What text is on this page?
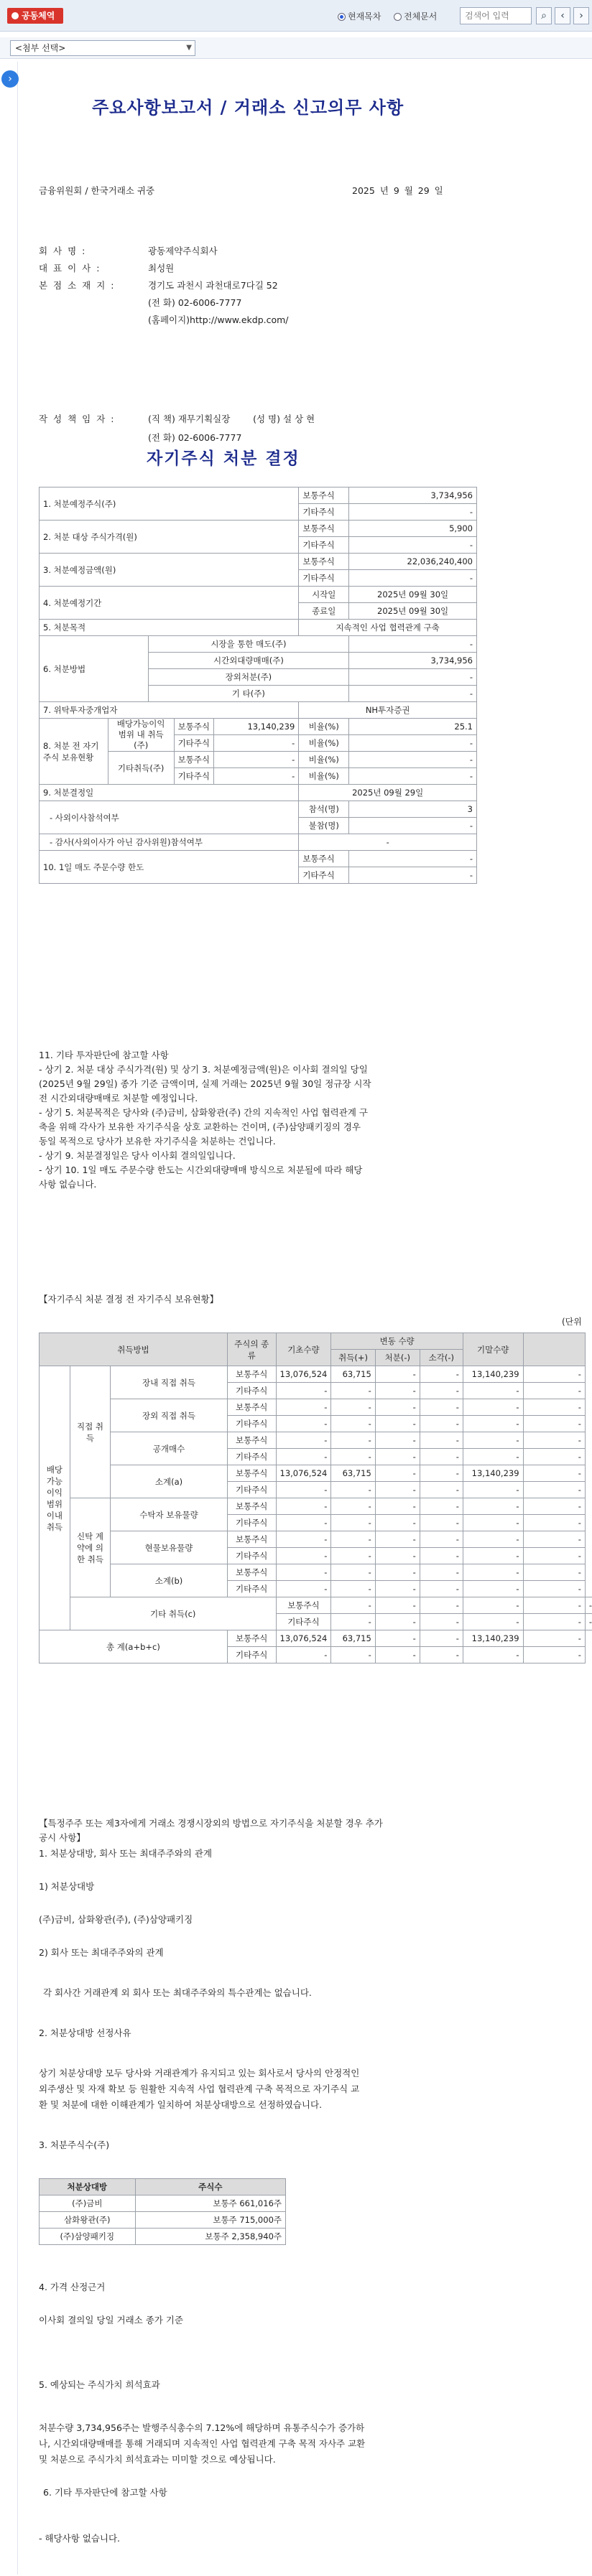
공동체역	현재목차	전체문서
검색어 입력	⌕	‹	›
<첨부 선택>	▼
›
주요사항보고서 / 거래소 신고의무 사항
금융위원회 / 한국거래소 귀중	2025 년 9 월 29 일
회 사 명 :	광동제약주식회사
대 표 이 사 :	최성원
본 점 소 재 지 :	경기도 과천시 과천대로7다길 52
(전 화) 02-6006-7777
(홈페이지)http://www.ekdp.com/
작 성 책 임 자 :	(직 책) 재무기획실장        (성 명) 설 상 현
(전 화) 02-6006-7777
자기주식 처분 결정
1. 처분예정주식(주)					보통주식	3,734,956
					기타주식	-
2. 처분 대상 주식가격(원)					보통주식	5,900
					기타주식	-
3. 처분예정금액(원)					보통주식	22,036,240,400
					기타주식	-
4. 처분예정기간					시작일	2025년 09월 30일
					종료일	2025년 09월 30일
5. 처분목적					지속적인 사업 협력관계 구축	
6. 처분방법		시장을 통한 매도(주)				-
		시간외대량매매(주)				3,734,956
		장외처분(주)				-
		기 타(주)				-
7. 위탁투자중개업자					NH투자증권	
8. 처분 전 자기주식 보유현황	배당가능이익 범위 내 취득(주)		보통주식	13,140,239	비율(%)	25.1
			기타주식	-	비율(%)	-
	기타취득(주)		보통주식	-	비율(%)	-
			기타주식	-	비율(%)	-
9. 처분결정일					2025년 09월 29일	
- 사외이사참석여부					참석(명)	3
					불참(명)	-
- 감사(사외이사가 아닌 감사위원)참석여부					-	
10. 1일 매도 주문수량 한도					보통주식	-
					기타주식	-
11. 기타 투자판단에 참고할 사항
- 상기 2. 처분 대상 주식가격(원) 및 상기 3. 처분예정금액(원)은 이사회 결의일 당일
(2025년 9월 29일) 종가 기준 금액이며, 실제 거래는 2025년 9월 30일 정규장 시작
전 시간외대량매매로 처분할 예정입니다.
- 상기 5. 처분목적은 당사와 (주)금비, 삼화왕관(주) 간의 지속적인 사업 협력관계 구
축을 위해 각사가 보유한 자기주식을 상호 교환하는 건이며, (주)삼양패키징의 경우
동일 목적으로 당사가 보유한 자기주식을 처분하는 건입니다.
- 상기 9. 처분결정일은 당사 이사회 결의일입니다.
- 상기 10. 1일 매도 주문수량 한도는 시간외대량매매 방식으로 처분될에 따라 해당
사항 없습니다.
【자기주식 처분 결정 전 자기주식 보유현황】
(단위
취득방법			주식의 종류	기초수량	변동 수량			기말수량		
					취득(+)	처분(-)	소각(-)			
배당 가능 이익 범위 이내 취득	직접 취득	장내 직접 취득	보통주식	13,076,524	63,715	-	-	13,140,239	-	
			기타주식	-	-	-	-	-	-	
		장외 직접 취득	보통주식	-	-	-	-	-	-	
			기타주식	-	-	-	-	-	-	
		공개매수	보통주식	-	-	-	-	-	-	
			기타주식	-	-	-	-	-	-	
		소계(a)	보통주식	13,076,524	63,715	-	-	13,140,239	-	
			기타주식	-	-	-	-	-	-	
	신탁 계약에 의한 취득	수탁자 보유물량	보통주식	-	-	-	-	-	-	
			기타주식	-	-	-	-	-	-	
		현물보유물량	보통주식	-	-	-	-	-	-	
			기타주식	-	-	-	-	-	-	
		소계(b)	보통주식	-	-	-	-	-	-	
			기타주식	-	-	-	-	-	-	
	기타 취득(c)			보통주식	-	-	-	-	-	-
				기타주식	-	-	-	-	-	-
총 계(a+b+c)			보통주식	13,076,524	63,715	-	-	13,140,239	-	
			기타주식	-	-	-	-	-	-	
【특정주주 또는 제3자에게 거래소 경쟁시장외의 방법으로 자기주식을 처분할 경우 추가
공시 사항】
1. 처분상대방, 회사 또는 최대주주와의 관계
1) 처분상대방
(주)금비, 삼화왕관(주), (주)삼양패키징
2) 회사 또는 최대주주와의 관계
각 회사간 거래관계 외 회사 또는 최대주주와의 특수관계는 없습니다.
2. 처분상대방 선정사유
상기 처분상대방 모두 당사와 거래관계가 유지되고 있는 회사로서 당사의 안정적인
외주생산 및 자재 확보 등 원활한 지속적 사업 협력관계 구축 목적으로 자기주식 교
환 및 처분에 대한 이해관계가 일치하여 처분상대방으로 선정하였습니다.
3. 처분주식수(주)
처분상대방	주식수
(주)금비	보통주 661,016주
삼화왕관(주)	보통주 715,000주
(주)삼양패키징	보통주 2,358,940주
4. 가격 산정근거
이사회 결의일 당일 거래소 종가 기준
5. 예상되는 주식가치 희석효과
처분수량 3,734,956주는 발행주식총수의 7.12%에 해당하며 유통주식수가 증가하
나, 시간외대량매매를 통해 거래되며 지속적인 사업 협력관계 구축 목적 자사주 교환
및 처분으로 주식가치 희석효과는 미미할 것으로 예상됩니다.
6. 기타 투자판단에 참고할 사항
- 해당사항 없습니다.
